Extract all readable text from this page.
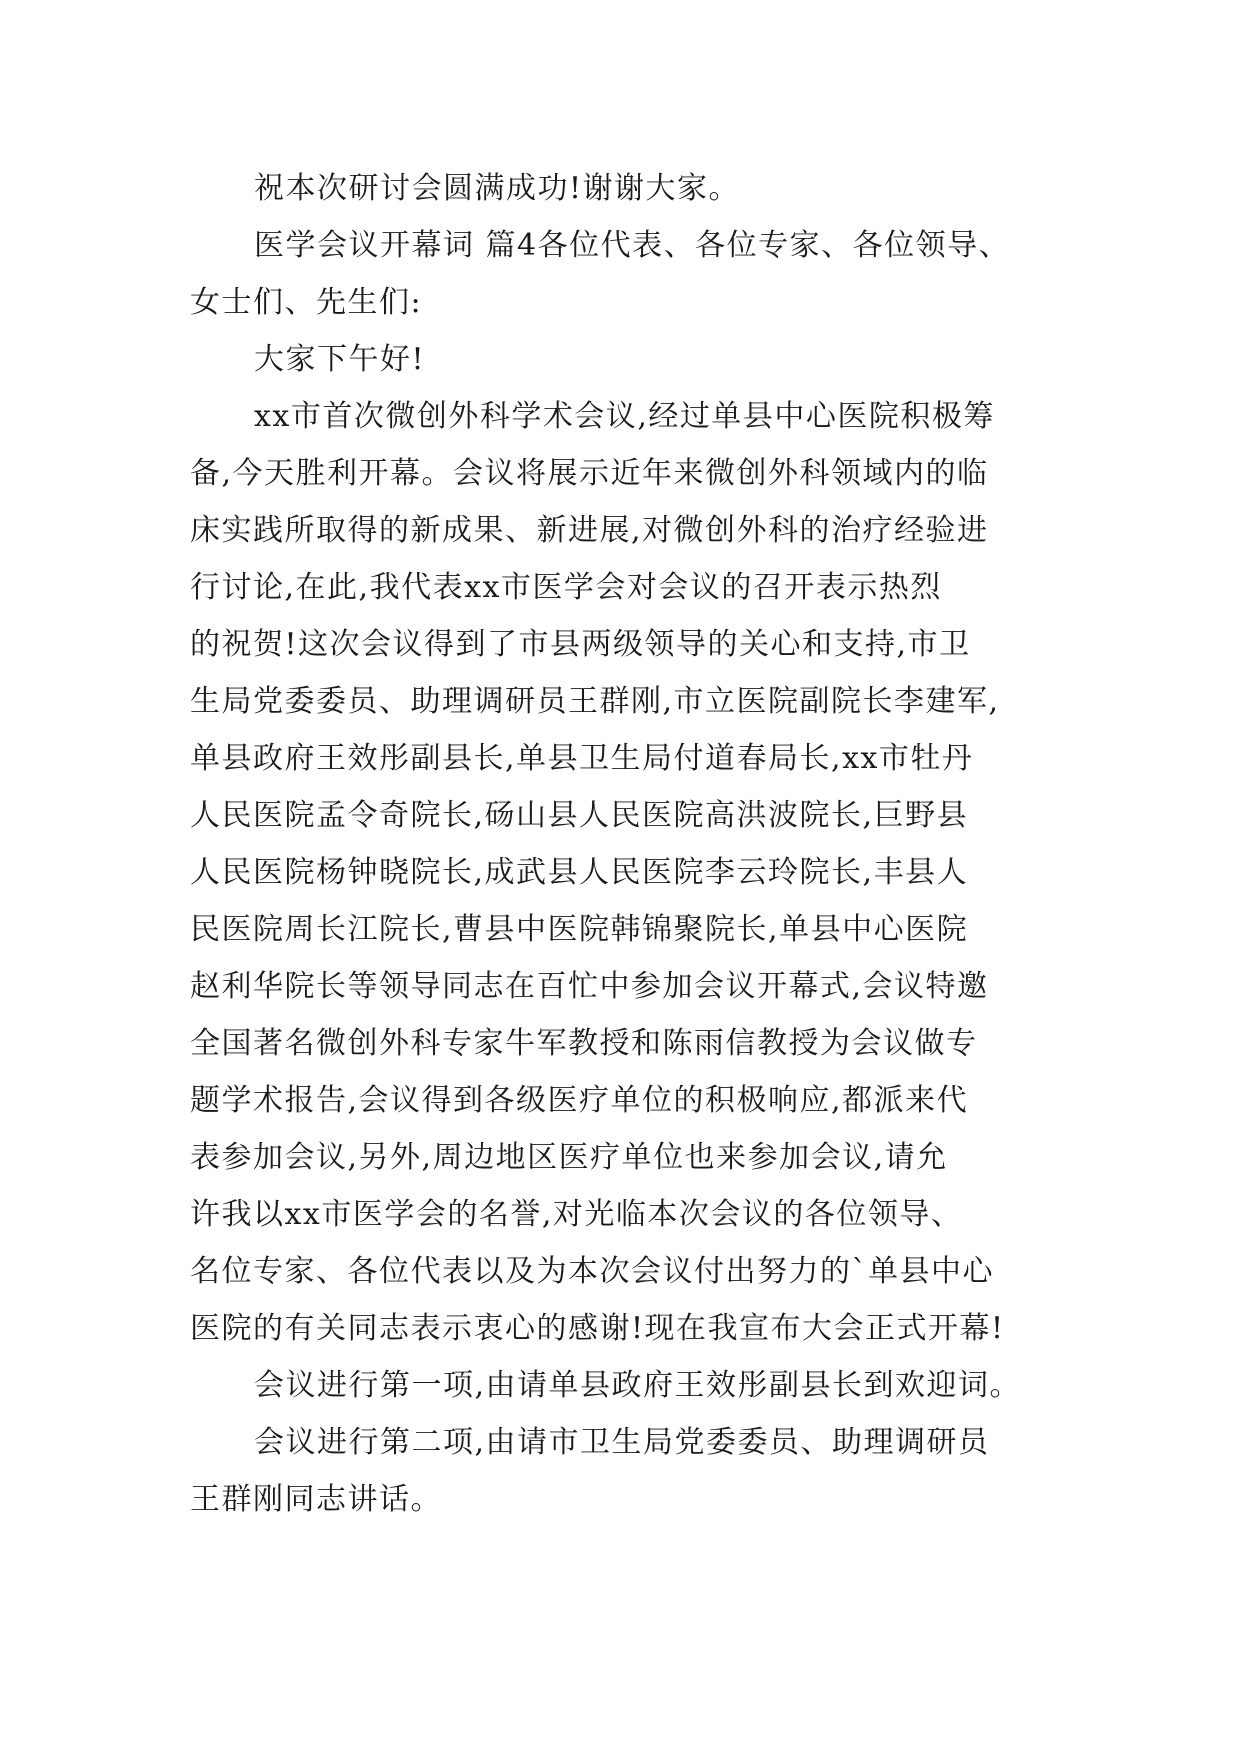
祝本次研讨会圆满成功!谢谢大家。
医学会议开幕词 篇4各位代表、各位专家、各位领导、
女士们、先生们:
大家下午好!
xx市首次微创外科学术会议,经过单县中心医院积极筹
备,今天胜利开幕。会议将展示近年来微创外科领域内的临
床实践所取得的新成果、新进展,对微创外科的治疗经验进
行讨论,在此,我代表xx市医学会对会议的召开表示热烈
的祝贺!这次会议得到了市县两级领导的关心和支持,市卫
生局党委委员、助理调研员王群刚,市立医院副院长李建军,
单县政府王效彤副县长,单县卫生局付道春局长,xx市牡丹
人民医院孟令奇院长,砀山县人民医院高洪波院长,巨野县
人民医院杨钟晓院长,成武县人民医院李云玲院长,丰县人
民医院周长江院长,曹县中医院韩锦聚院长,单县中心医院
赵利华院长等领导同志在百忙中参加会议开幕式,会议特邀
全国著名微创外科专家牛军教授和陈雨信教授为会议做专
题学术报告,会议得到各级医疗单位的积极响应,都派来代
表参加会议,另外,周边地区医疗单位也来参加会议,请允
许我以xx市医学会的名誉,对光临本次会议的各位领导、
名位专家、各位代表以及为本次会议付出努力的`单县中心
医院的有关同志表示衷心的感谢!现在我宣布大会正式开幕!
会议进行第一项,由请单县政府王效彤副县长到欢迎词。
会议进行第二项,由请市卫生局党委委员、助理调研员
王群刚同志讲话。
